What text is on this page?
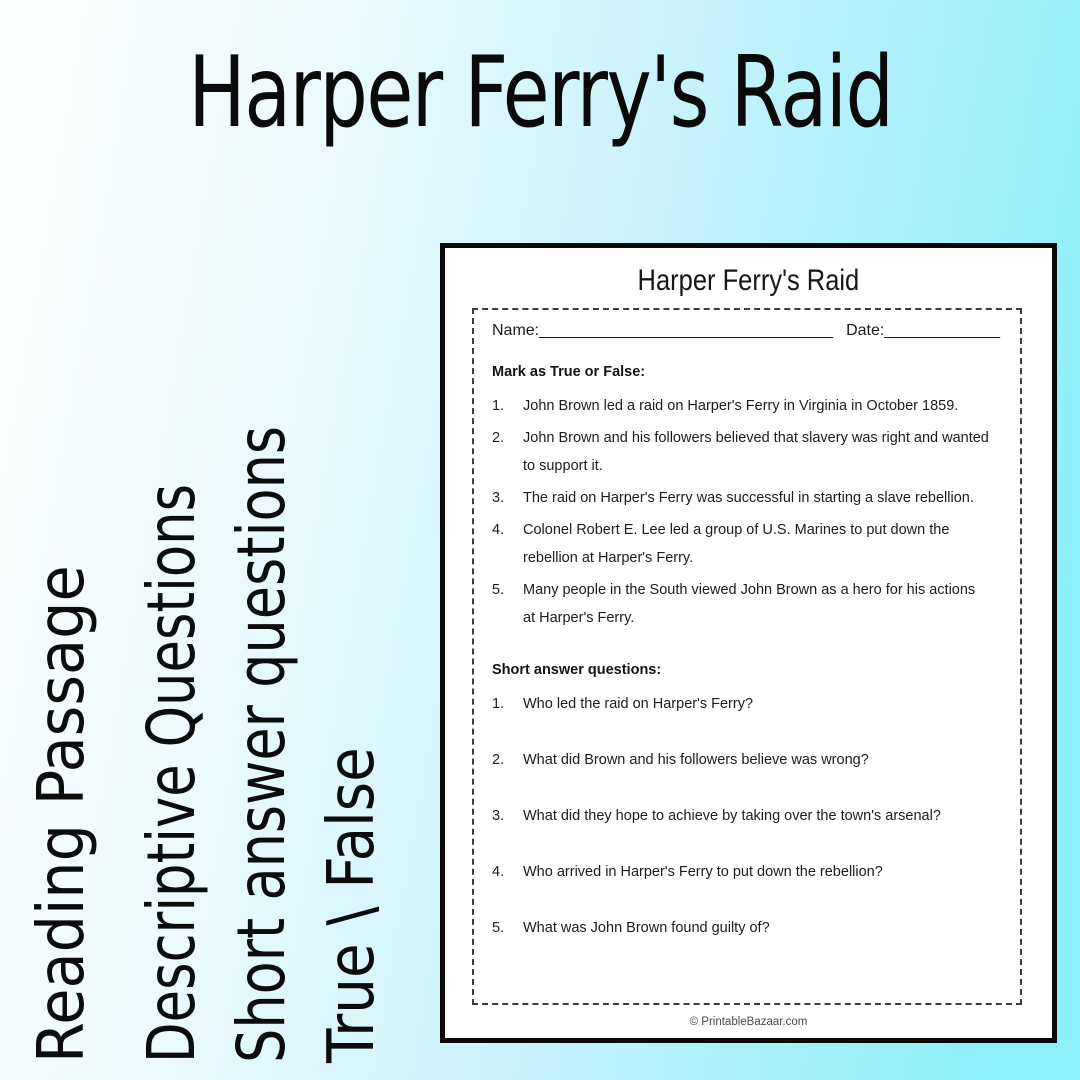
Harper Ferry's Raid
Reading Passage Descriptive Questions Short answer questions True \ False
Harper Ferry's Raid
Name:_________________________________ Date:_____________
Mark as True or False:
1.	John Brown led a raid on Harper's Ferry in Virginia in October 1859.
2.	John Brown and his followers believed that slavery was right and wanted to support it.
3.	The raid on Harper's Ferry was successful in starting a slave rebellion.
4.	Colonel Robert E. Lee led a group of U.S. Marines to put down the rebellion at Harper's Ferry.
5.	Many people in the South viewed John Brown as a hero for his actions at Harper's Ferry.
Short answer questions:
1.	Who led the raid on Harper's Ferry?
2.	What did Brown and his followers believe was wrong?
3.	What did they hope to achieve by taking over the town's arsenal?
4.	Who arrived in Harper's Ferry to put down the rebellion?
5.	What was John Brown found guilty of?
© PrintableBazaar.com
